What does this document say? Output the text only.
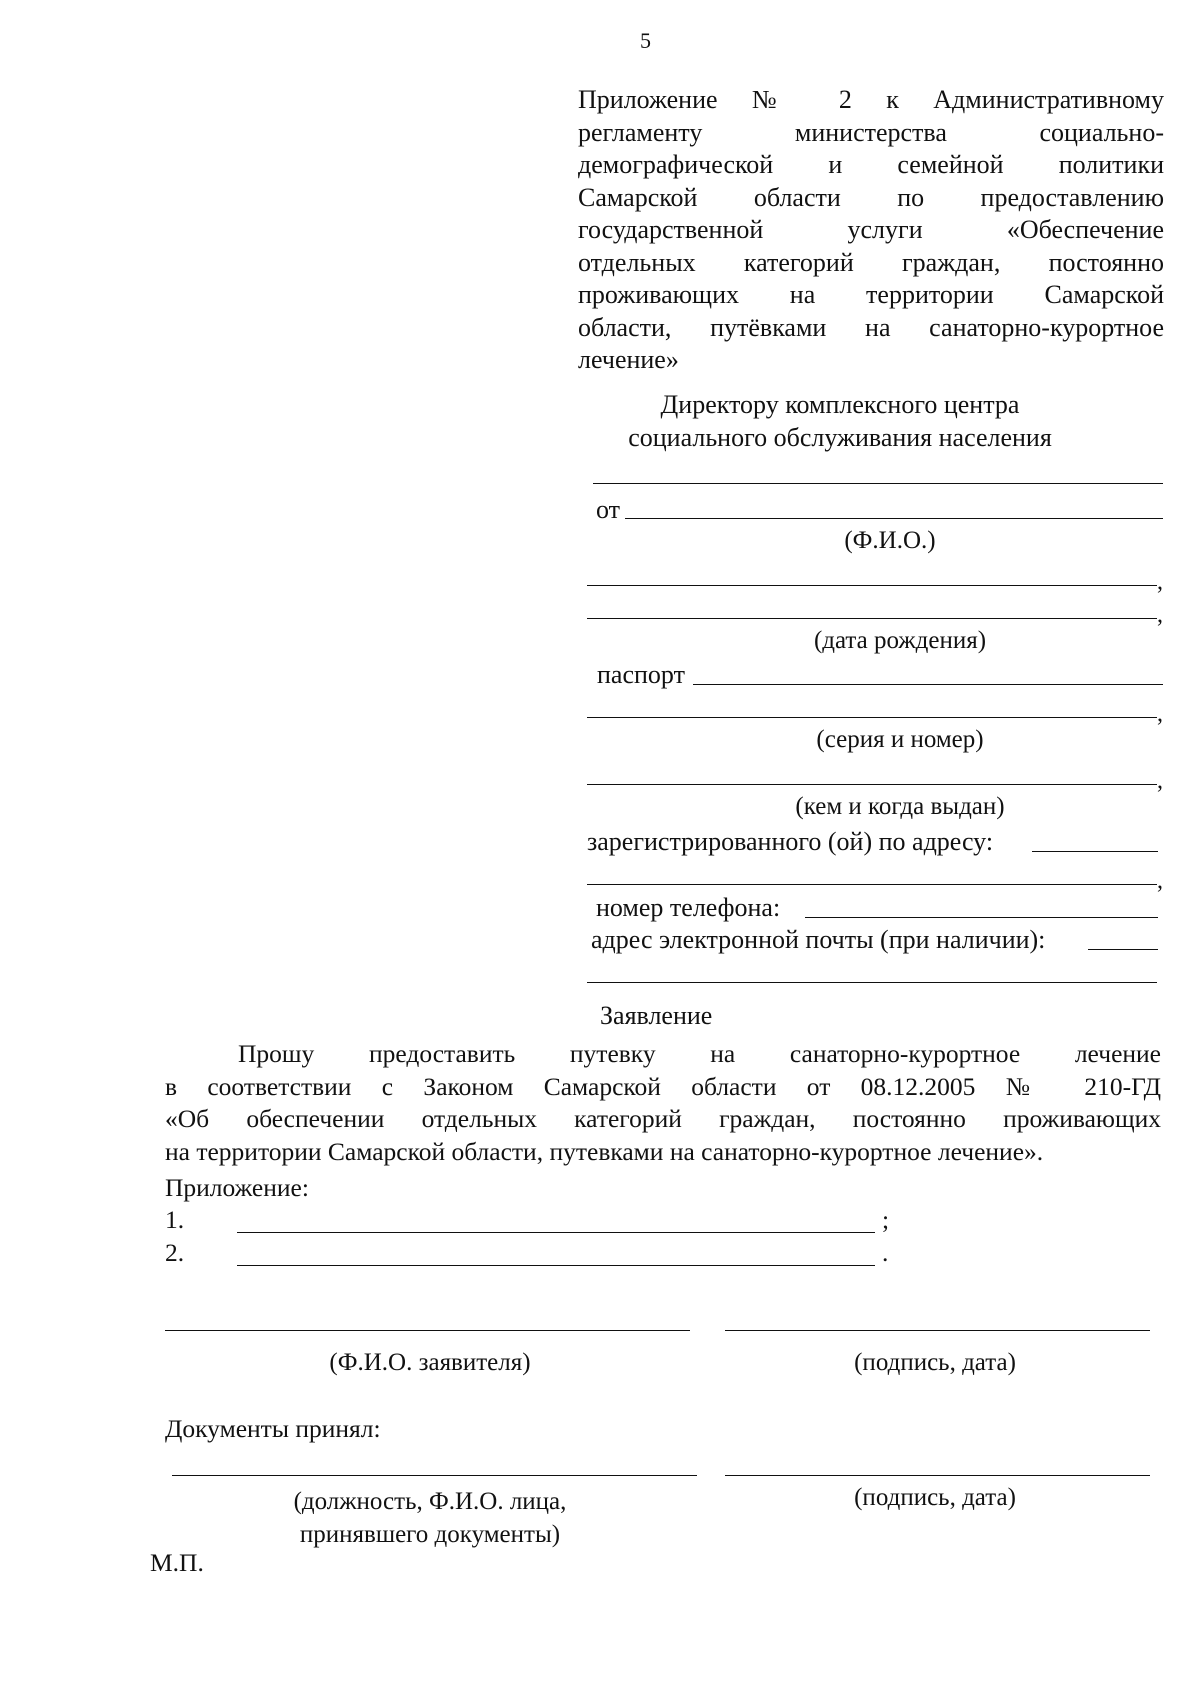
5
Приложение № 2 к Административному
регламенту министерства социально-
демографической и семейной политики
Самарской области по предоставлению
государственной услуги «Обеспечение
отдельных категорий граждан, постоянно
проживающих на территории Самарской
области, путёвками на санаторно-курортное
лечение»
Директору комплексного центра
социального обслуживания населения
от
(Ф.И.О.)
,
,
(дата рождения)
паспорт
,
(серия и номер)
,
(кем и когда выдан)
зарегистрированного (ой) по адресу:
,
номер телефона:
адрес электронной почты (при наличии):
Заявление
Прошу предоставить путевку на санаторно-курортное лечение
в соответствии с Законом Самарской области от 08.12.2005 № 210-ГД
«Об обеспечении отдельных категорий граждан, постоянно проживающих
на территории Самарской области, путевками на санаторно-курортное лечение».
Приложение:
1.	;
2.	.
(Ф.И.О. заявителя)	(подпись, дата)
Документы принял:
(должность, Ф.И.О. лица,
принявшего документы)
(подпись, дата)
М.П.
